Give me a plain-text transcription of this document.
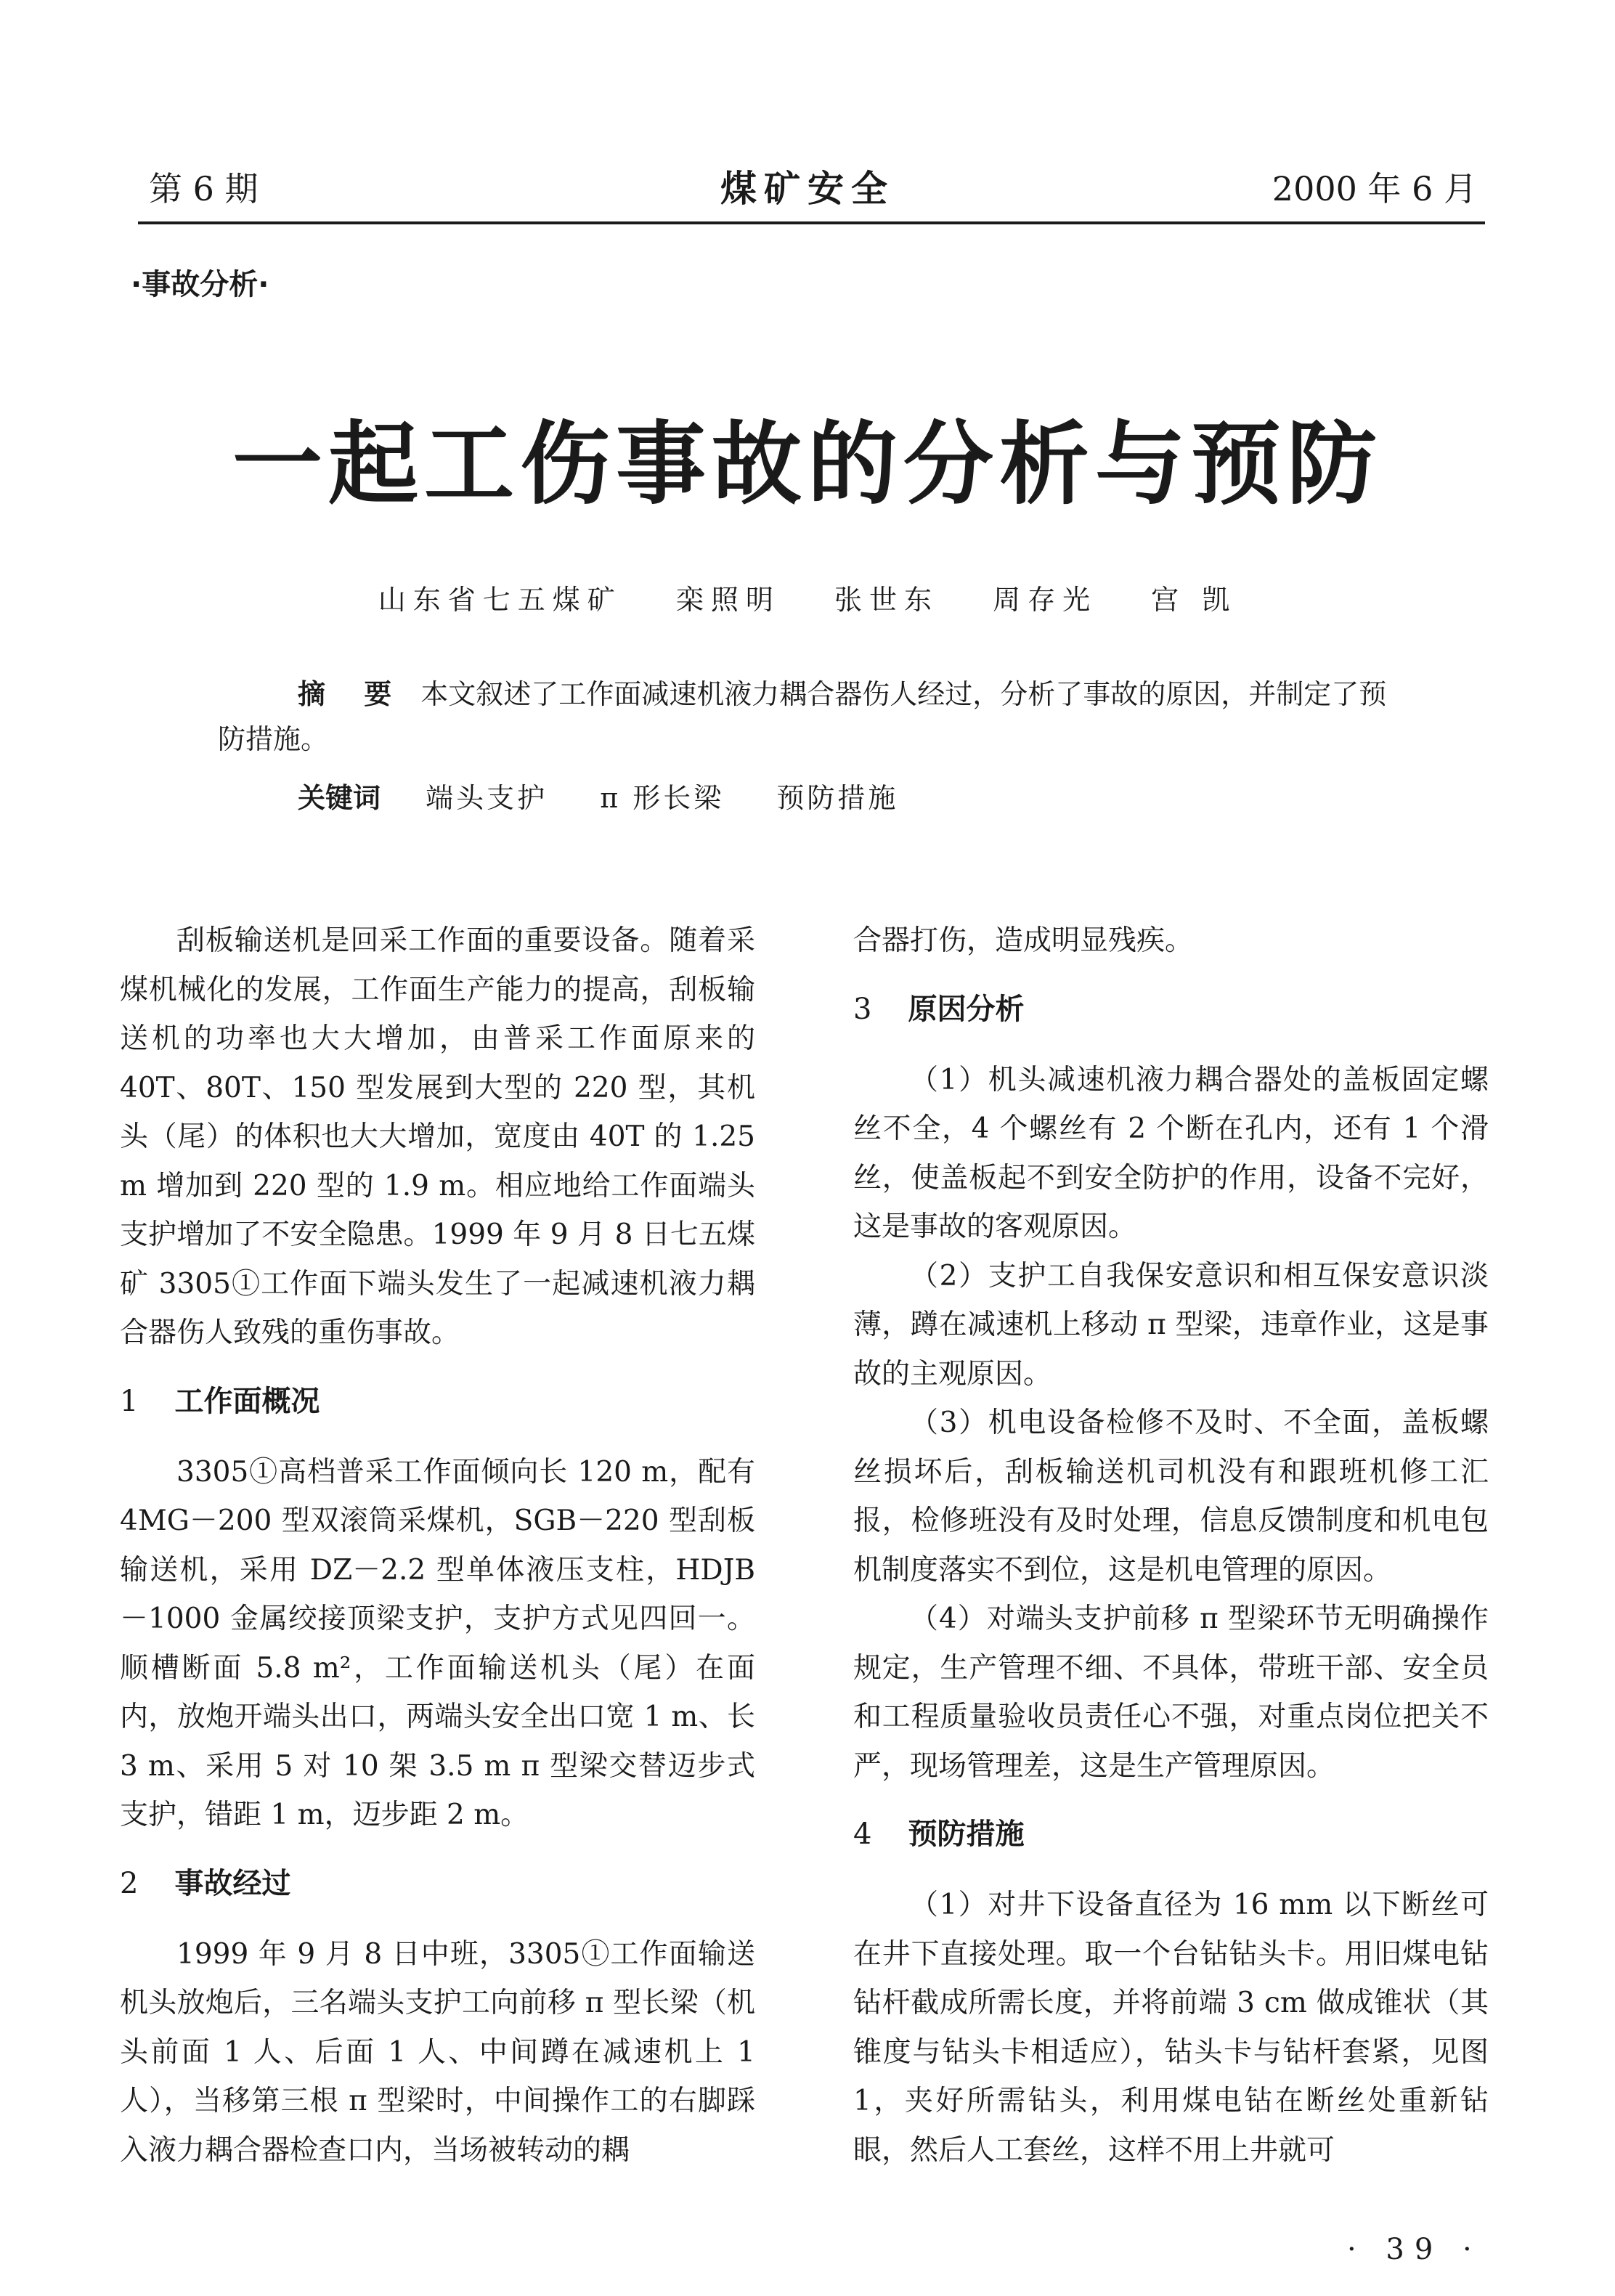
第 6 期	煤矿安全	2000 年 6 月
·事故分析·
一起工伤事故的分析与预防
山东省七五煤矿 栾照明 张世东 周存光 宫 凯
摘 要 本文叙述了工作面减速机液力耦合器伤人经过，分析了事故的原因，并制定了预防措施。
关键词 端头支护 π 形长梁 预防措施

刮板输送机是回采工作面的重要设备。随着采煤机械化的发展，工作面生产能力的提高，刮板输送机的功率也大大增加，由普采工作面原来的 40T、80T、150 型发展到大型的 220 型，其机头（尾）的体积也大大增加，宽度由 40T 的 1.25 m 增加到 220 型的 1.9 m。相应地给工作面端头支护增加了不安全隐患。1999 年 9 月 8 日七五煤矿 3305①工作面下端头发生了一起减速机液力耦合器伤人致残的重伤事故。

1 工作面概况

3305①高档普采工作面倾向长 120 m，配有 4MG－200 型双滚筒采煤机，SGB－220 型刮板输送机，采用 DZ－2.2 型单体液压支柱，HDJB－1000 金属绞接顶梁支护，支护方式见四回一。顺槽断面 5.8 m²，工作面输送机头（尾）在面内，放炮开端头出口，两端头安全出口宽 1 m、长 3 m、采用 5 对 10 架 3.5 m π 型梁交替迈步式支护，错距 1 m，迈步距 2 m。

2 事故经过

1999 年 9 月 8 日中班，3305①工作面输送机头放炮后，三名端头支护工向前移 π 型长梁（机头前面 1 人、后面 1 人、中间蹲在减速机上 1 人），当移第三根 π 型梁时，中间操作工的右脚踩入液力耦合器检查口内，当场被转动的耦

合器打伤，造成明显残疾。

3 原因分析

（1）机头减速机液力耦合器处的盖板固定螺丝不全，4 个螺丝有 2 个断在孔内，还有 1 个滑丝，使盖板起不到安全防护的作用，设备不完好，这是事故的客观原因。

（2）支护工自我保安意识和相互保安意识淡薄，蹲在减速机上移动 π 型梁，违章作业，这是事故的主观原因。

（3）机电设备检修不及时、不全面，盖板螺丝损坏后，刮板输送机司机没有和跟班机修工汇报，检修班没有及时处理，信息反馈制度和机电包机制度落实不到位，这是机电管理的原因。

（4）对端头支护前移 π 型梁环节无明确操作规定，生产管理不细、不具体，带班干部、安全员和工程质量验收员责任心不强，对重点岗位把关不严，现场管理差，这是生产管理原因。

4 预防措施

（1）对井下设备直径为 16 mm 以下断丝可在井下直接处理。取一个台钻钻头卡。用旧煤电钻钻杆截成所需长度，并将前端 3 cm 做成锥状（其锥度与钻头卡相适应），钻头卡与钻杆套紧，见图 1，夹好所需钻头，利用煤电钻在断丝处重新钻眼，然后人工套丝，这样不用上井就可

· 39 ·
